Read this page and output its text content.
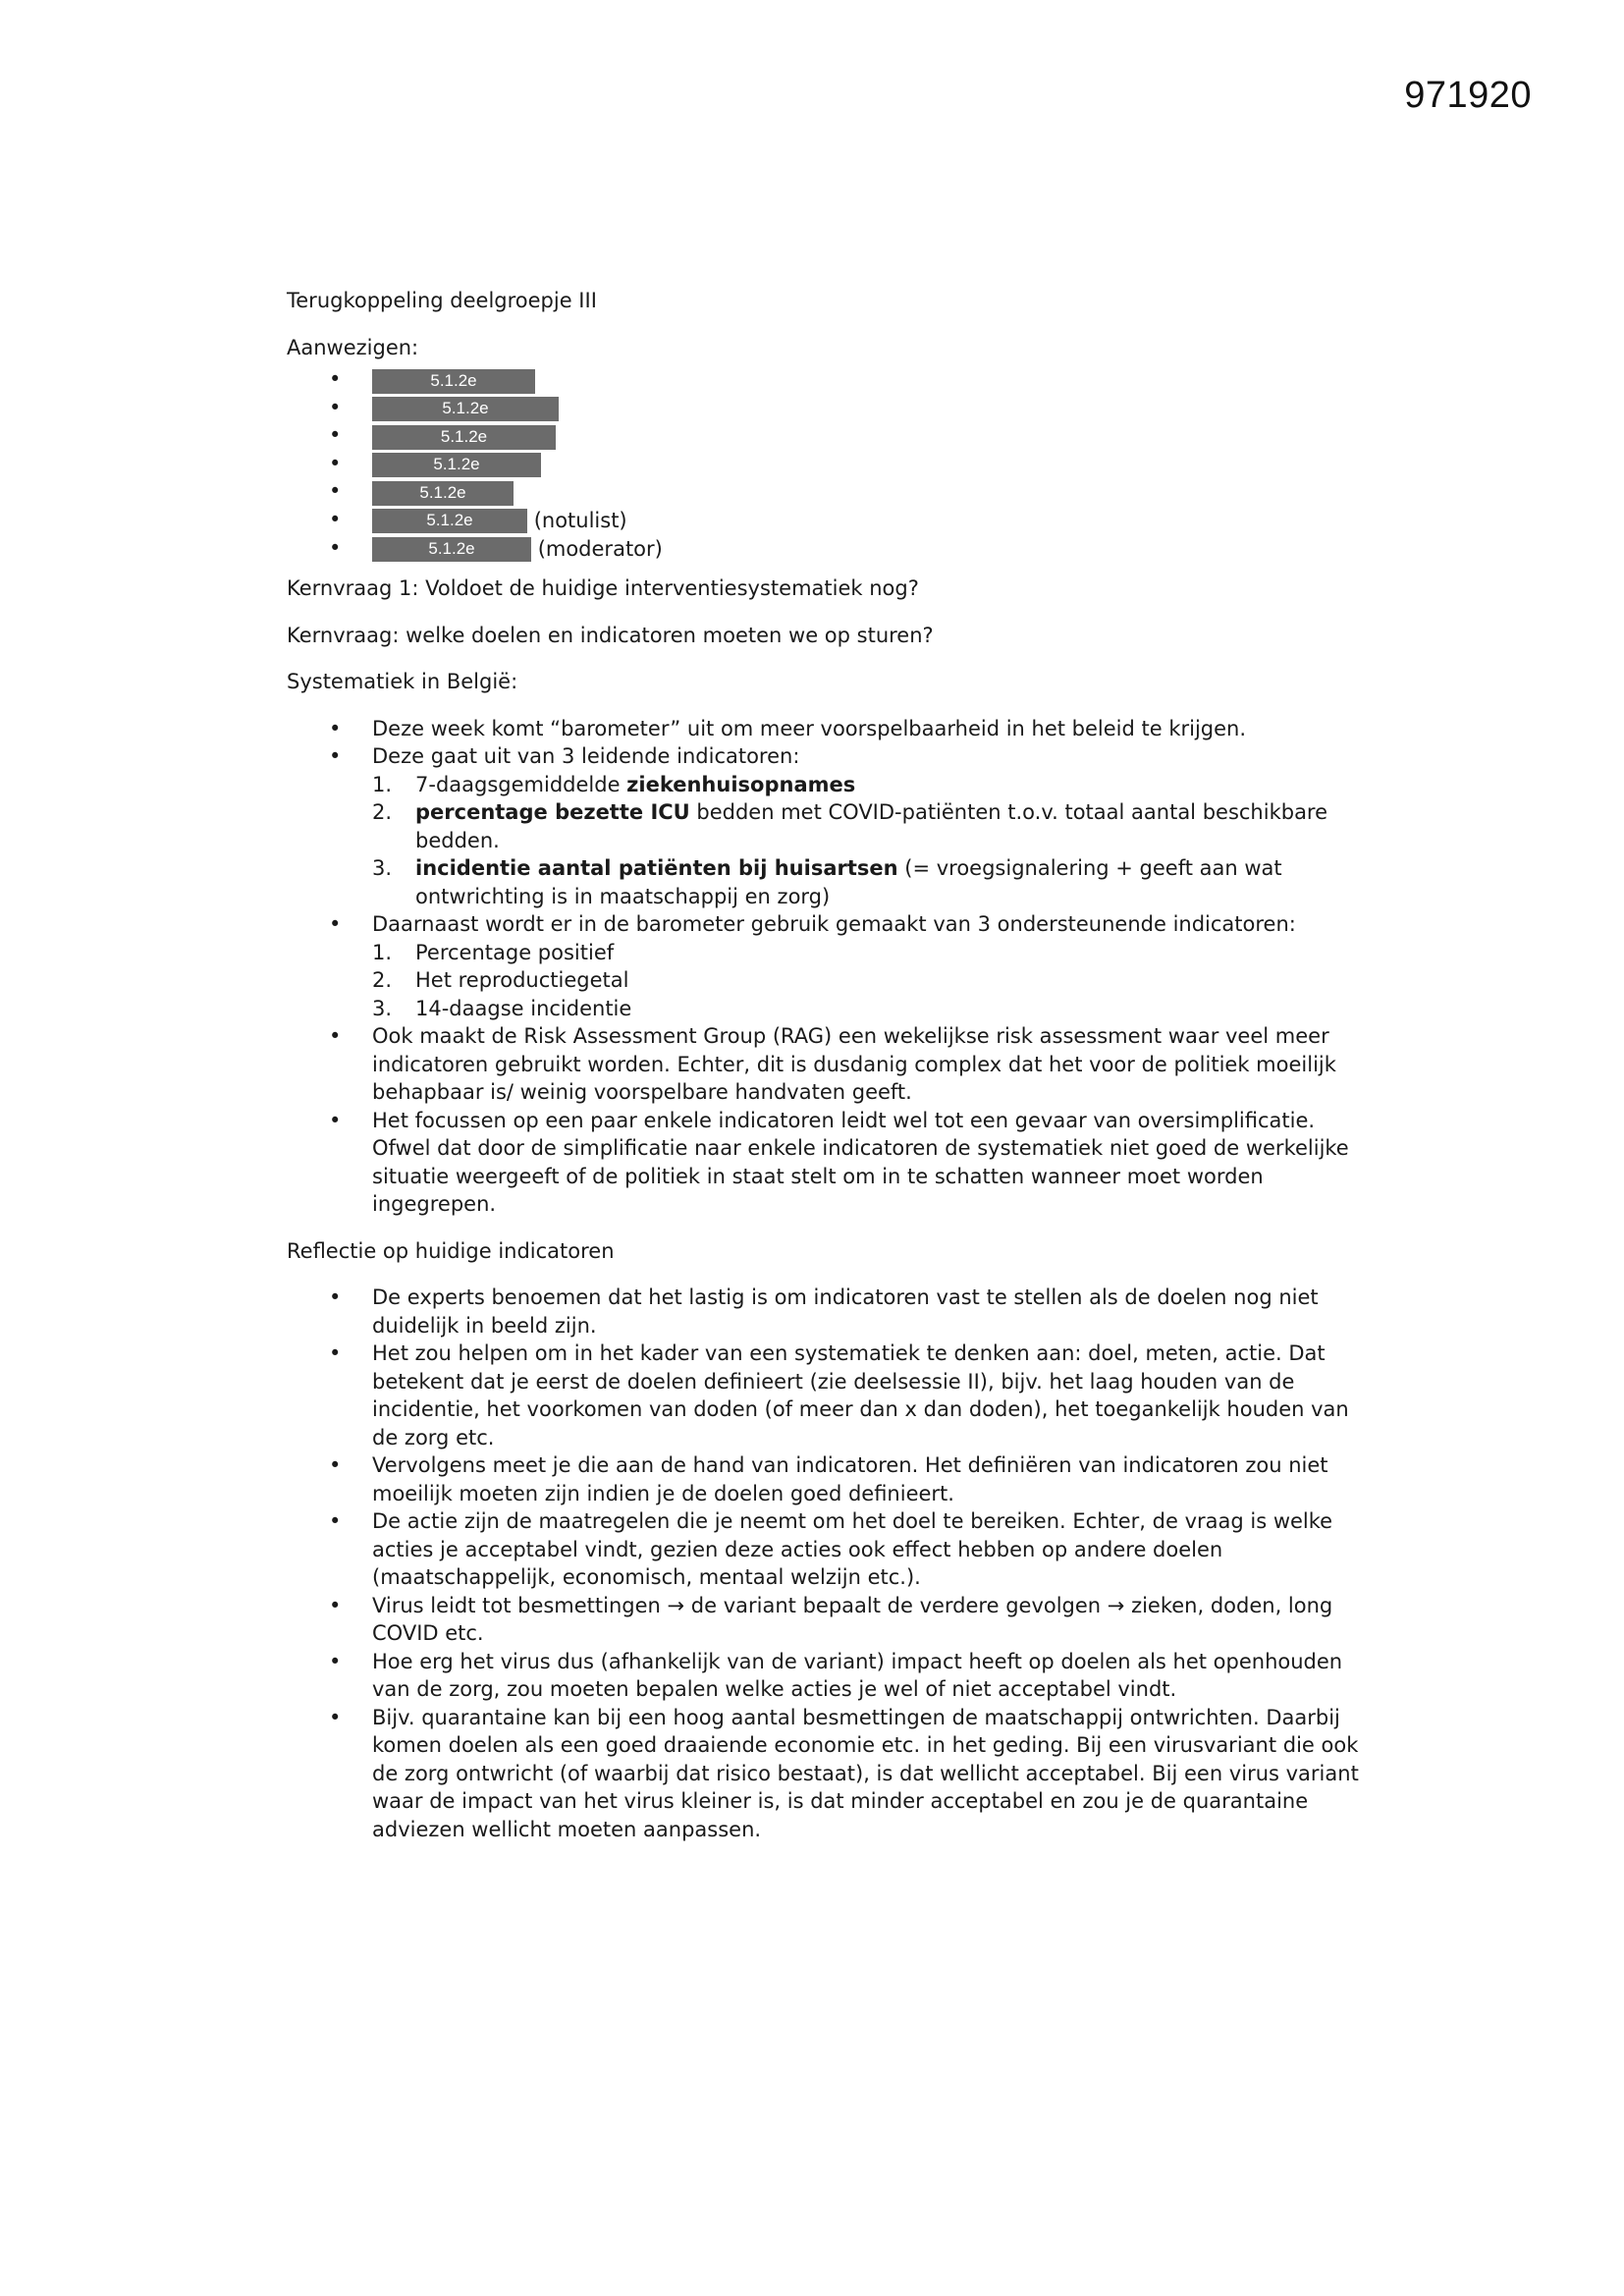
971920

Terugkoppeling deelgroepje III

Aanwezigen:

• 5.1.2e
• 5.1.2e
• 5.1.2e
• 5.1.2e
• 5.1.2e
• 5.1.2e	(notulist)
• 5.1.2e	(moderator)

Kernvraag 1: Voldoet de huidige interventiesystematiek nog?

Kernvraag: welke doelen en indicatoren moeten we op sturen?

Systematiek in België:

• Deze week komt “barometer” uit om meer voorspelbaarheid in het beleid te krijgen.
• Deze gaat uit van 3 leidende indicatoren:
1. 7-daagsgemiddelde ziekenhuisopnames
2. percentage bezette ICU bedden met COVID-patiënten t.o.v. totaal aantal beschikbare bedden.
3. incidentie aantal patiënten bij huisartsen (= vroegsignalering + geeft aan wat ontwrichting is in maatschappij en zorg)
• Daarnaast wordt er in de barometer gebruik gemaakt van 3 ondersteunende indicatoren:
1. Percentage positief
2. Het reproductiegetal
3. 14-daagse incidentie
• Ook maakt de Risk Assessment Group (RAG) een wekelijkse risk assessment waar veel meer indicatoren gebruikt worden. Echter, dit is dusdanig complex dat het voor de politiek moeilijk behapbaar is/ weinig voorspelbare handvaten geeft.
• Het focussen op een paar enkele indicatoren leidt wel tot een gevaar van oversimplificatie. Ofwel dat door de simplificatie naar enkele indicatoren de systematiek niet goed de werkelijke situatie weergeeft of de politiek in staat stelt om in te schatten wanneer moet worden ingegrepen.

Reflectie op huidige indicatoren

• De experts benoemen dat het lastig is om indicatoren vast te stellen als de doelen nog niet duidelijk in beeld zijn.
• Het zou helpen om in het kader van een systematiek te denken aan: doel, meten, actie. Dat betekent dat je eerst de doelen definieert (zie deelsessie II), bijv. het laag houden van de incidentie, het voorkomen van doden (of meer dan x dan doden), het toegankelijk houden van de zorg etc.
• Vervolgens meet je die aan de hand van indicatoren. Het definiëren van indicatoren zou niet moeilijk moeten zijn indien je de doelen goed definieert.
• De actie zijn de maatregelen die je neemt om het doel te bereiken. Echter, de vraag is welke acties je acceptabel vindt, gezien deze acties ook effect hebben op andere doelen (maatschappelijk, economisch, mentaal welzijn etc.).
• Virus leidt tot besmettingen → de variant bepaalt de verdere gevolgen → zieken, doden, long COVID etc.
• Hoe erg het virus dus (afhankelijk van de variant) impact heeft op doelen als het openhouden van de zorg, zou moeten bepalen welke acties je wel of niet acceptabel vindt.
• Bijv. quarantaine kan bij een hoog aantal besmettingen de maatschappij ontwrichten. Daarbij komen doelen als een goed draaiende economie etc. in het geding. Bij een virusvariant die ook de zorg ontwricht (of waarbij dat risico bestaat), is dat wellicht acceptabel. Bij een virus variant waar de impact van het virus kleiner is, is dat minder acceptabel en zou je de quarantaine adviezen wellicht moeten aanpassen.
